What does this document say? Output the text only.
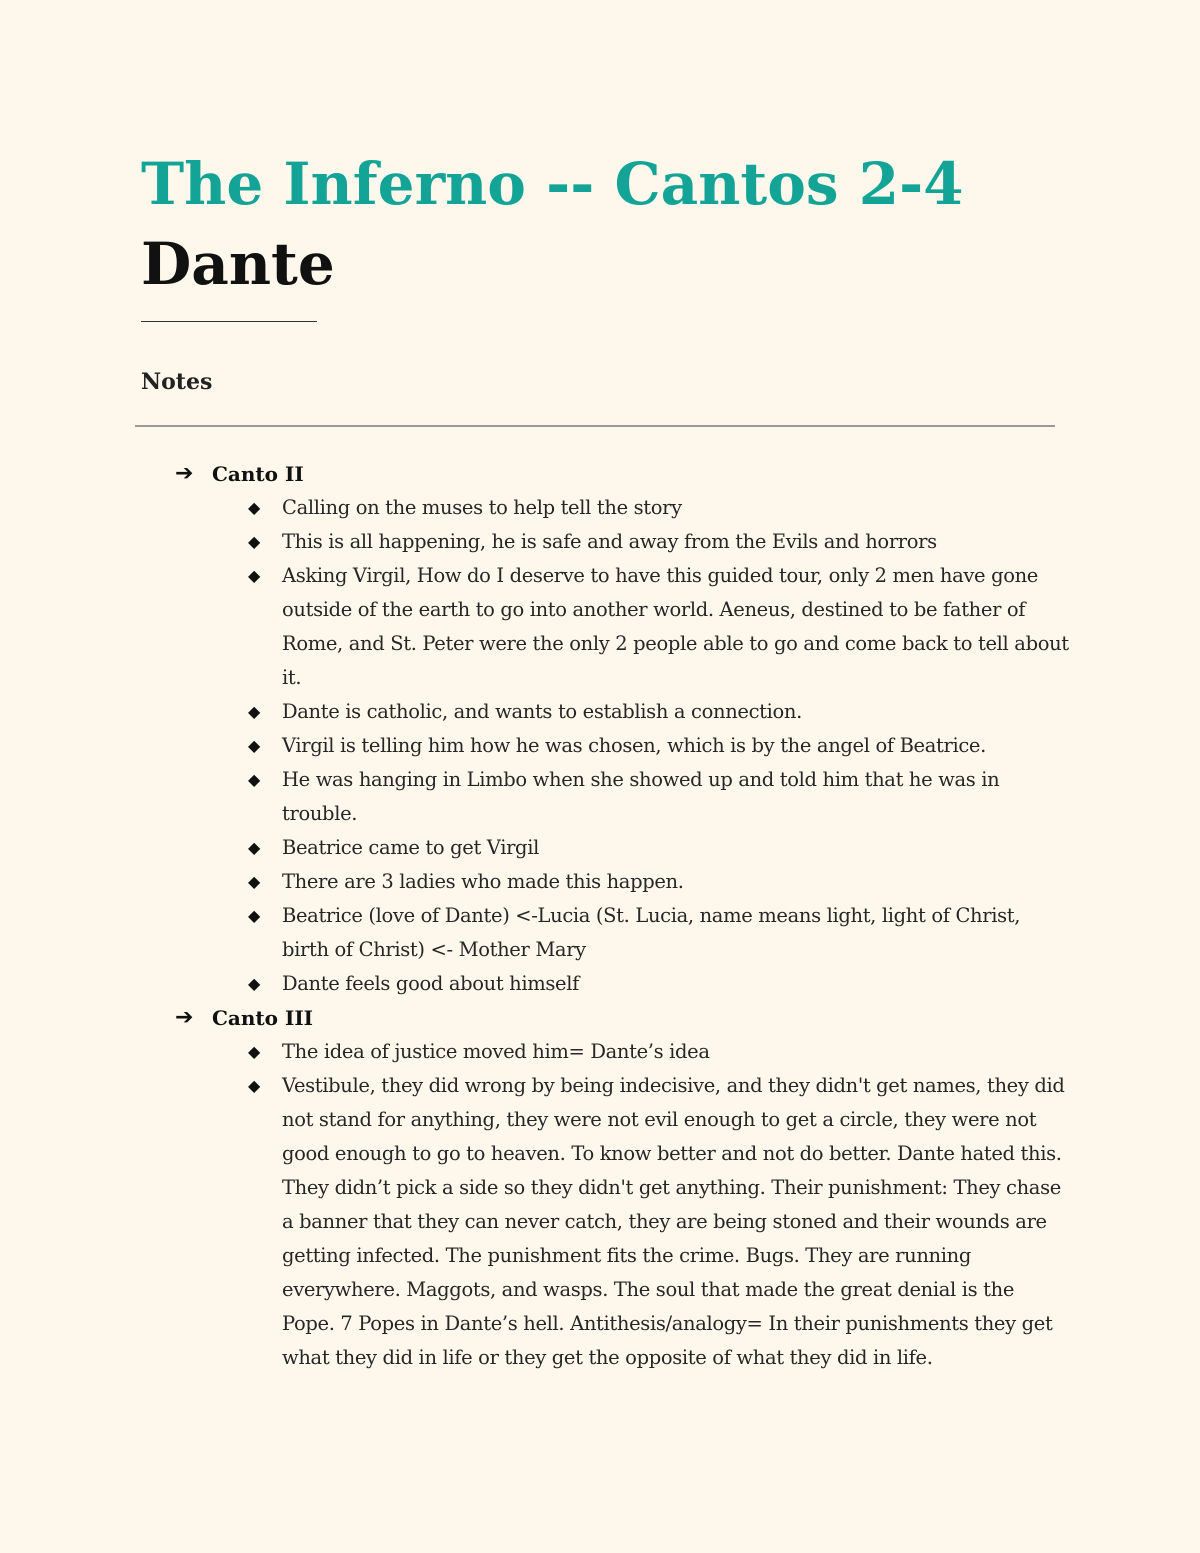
The Inferno -- Cantos 2-4
Dante
Notes
➔ Canto II
◆ Calling on the muses to help tell the story
◆ This is all happening, he is safe and away from the Evils and horrors
◆ Asking Virgil, How do I deserve to have this guided tour, only 2 men have gone outside of the earth to go into another world. Aeneus, destined to be father of Rome, and St. Peter were the only 2 people able to go and come back to tell about it.
◆ Dante is catholic, and wants to establish a connection.
◆ Virgil is telling him how he was chosen, which is by the angel of Beatrice.
◆ He was hanging in Limbo when she showed up and told him that he was in trouble.
◆ Beatrice came to get Virgil
◆ There are 3 ladies who made this happen.
◆ Beatrice (love of Dante) <-Lucia (St. Lucia, name means light, light of Christ, birth of Christ) <- Mother Mary
◆ Dante feels good about himself
➔ Canto III
◆ The idea of justice moved him= Dante’s idea
◆ Vestibule, they did wrong by being indecisive, and they didn't get names, they did not stand for anything, they were not evil enough to get a circle, they were not good enough to go to heaven. To know better and not do better. Dante hated this. They didn’t pick a side so they didn't get anything. Their punishment: They chase a banner that they can never catch, they are being stoned and their wounds are getting infected. The punishment fits the crime. Bugs. They are running everywhere. Maggots, and wasps. The soul that made the great denial is the Pope. 7 Popes in Dante’s hell. Antithesis/analogy= In their punishments they get what they did in life or they get the opposite of what they did in life.
